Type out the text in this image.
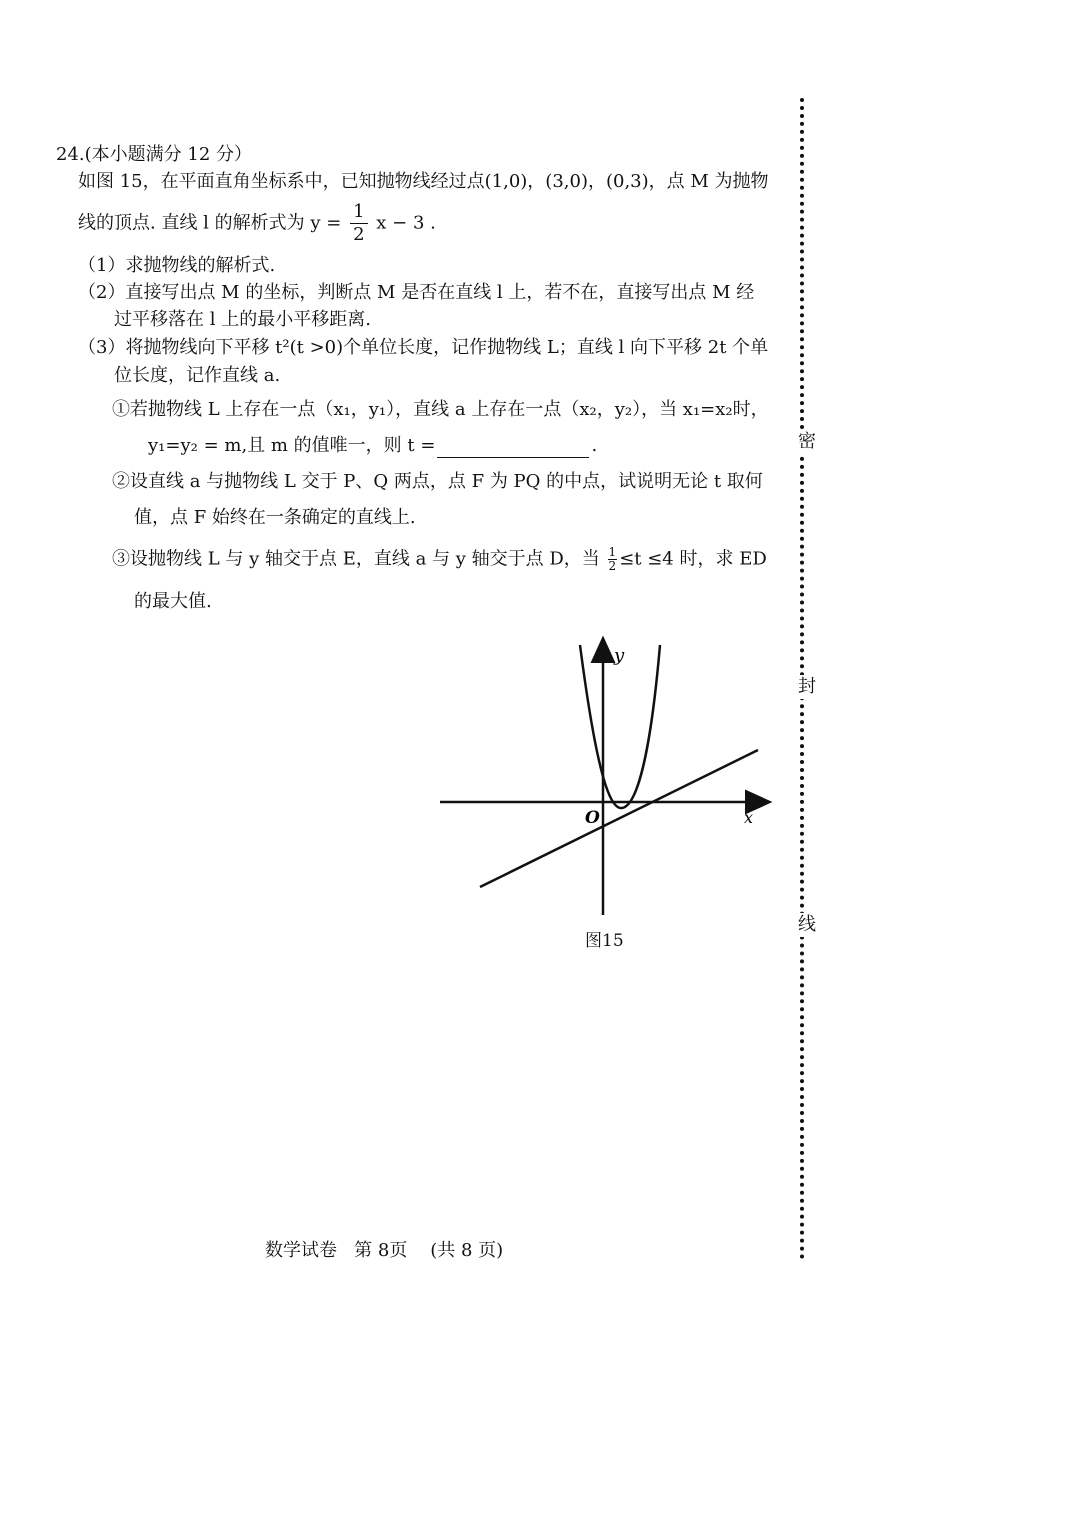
24.(本小题满分 12 分）
如图 15，在平面直角坐标系中，已知抛物线经过点(1,0)，(3,0)，(0,3)，点 M 为抛物
线的顶点. 直线 l 的解析式为 $y = \frac{1}{2}$ x − 3 .
（1）求抛物线的解析式.
（2）直接写出点 M 的坐标，判断点 M 是否在直线 l 上，若不在，直接写出点 M 经
过平移落在 l 上的最小平移距离.
（3）将抛物线向下平移 t²(t >0)个单位长度，记作抛物线 L；直线 l 向下平移 2t 个单
位长度，记作直线 a.
①若抛物线 L 上存在一点（x₁，y₁），直线 a 上存在一点（x₂，y₂），当 x₁=x₂时，
y₁=y₂ = m,且 m 的值唯一，则 t =	.
②设直线 a 与抛物线 L 交于 P、Q 两点，点 F 为 PQ 的中点，试说明无论 t 取何
值，点 F 始终在一条确定的直线上.
③设抛物线 L 与 y 轴交于点 E，直线 a 与 y 轴交于点 D，当 $\frac{1}{2} \le t \le 4$ 时，求 ED
的最大值.
y
x
O
图15
密
封
线
数学试卷   第 8页    (共 8 页)
